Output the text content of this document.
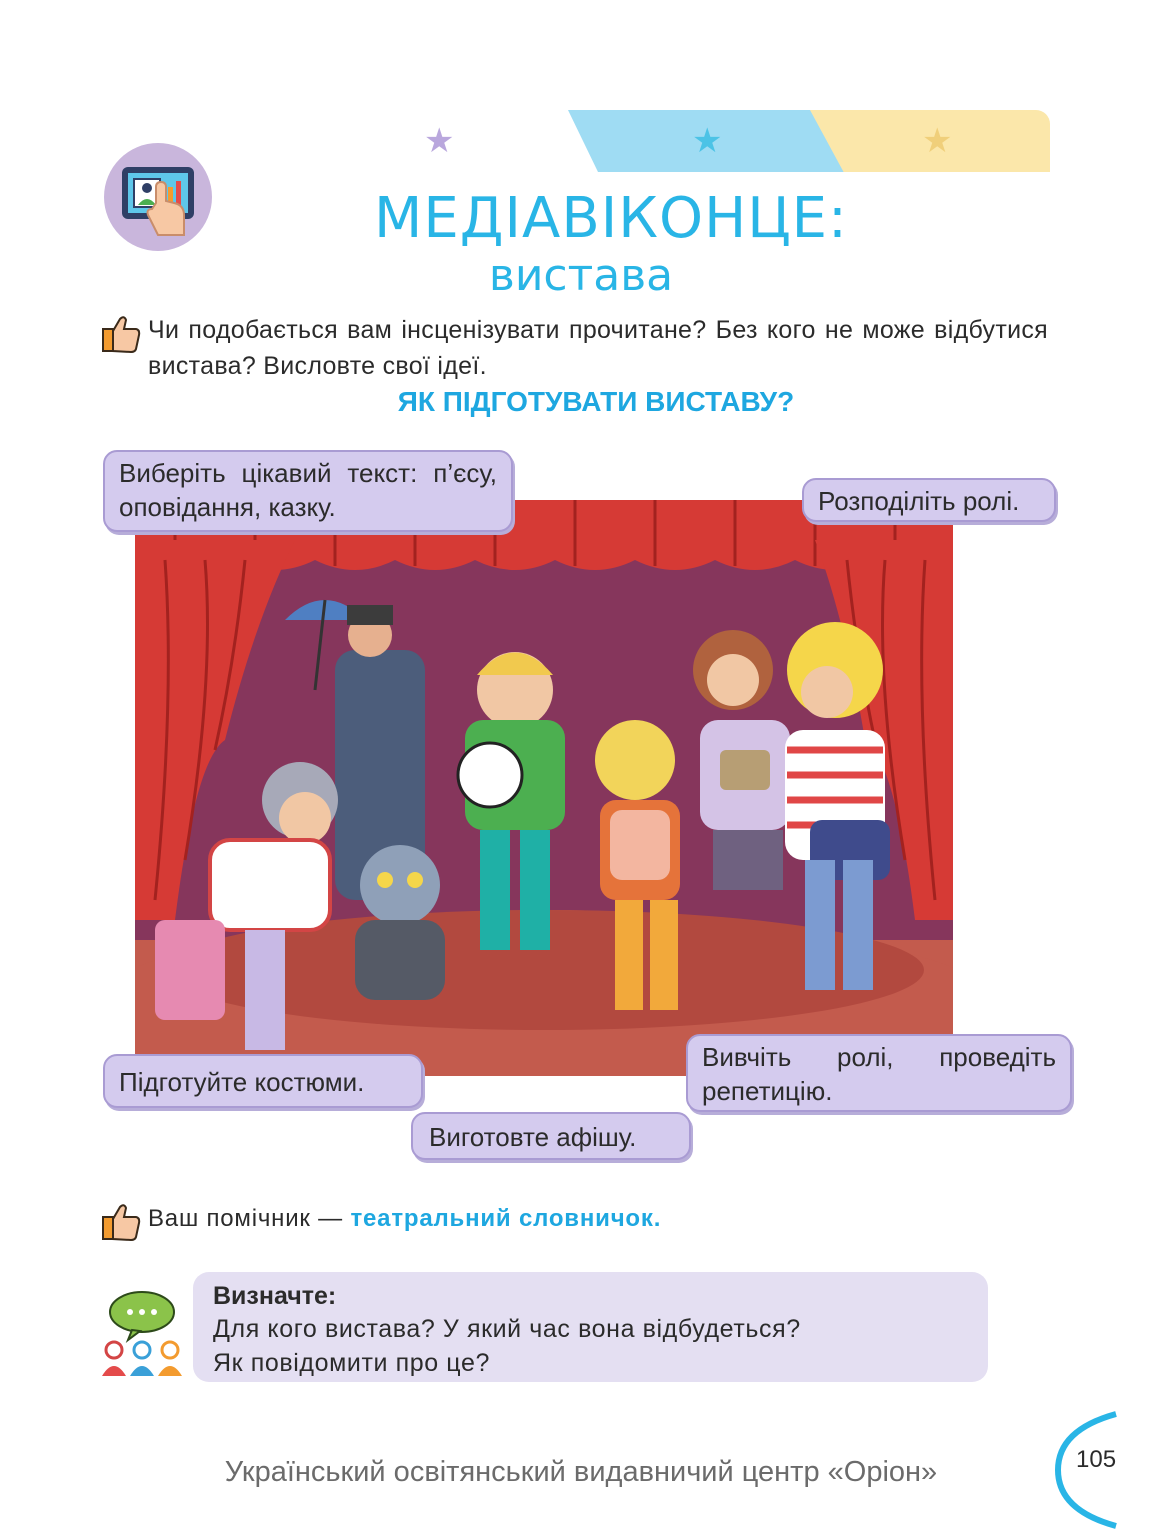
★	★	★
МЕДІАВІКОНЦЕ:
вистава
Чи подобається вам інсценізувати прочитане? Без кого не може відбутися вистава? Висловте свої ідеї.
ЯК ПІДГОТУВАТИ ВИСТАВУ?
Виберіть цікавий текст: п’єсу, оповідання, казку.	Розподіліть ролі.
Підготуйте костюми.
Вивчіть ролі, проведіть репетицію.
Виготовте афішу.
Ваш помічник — театральний словничок.
Визначте:
Для кого вистава? У який час вона відбудеться?
Як повідомити про це?
Український освітянський видавничий центр «Оріон»	105
